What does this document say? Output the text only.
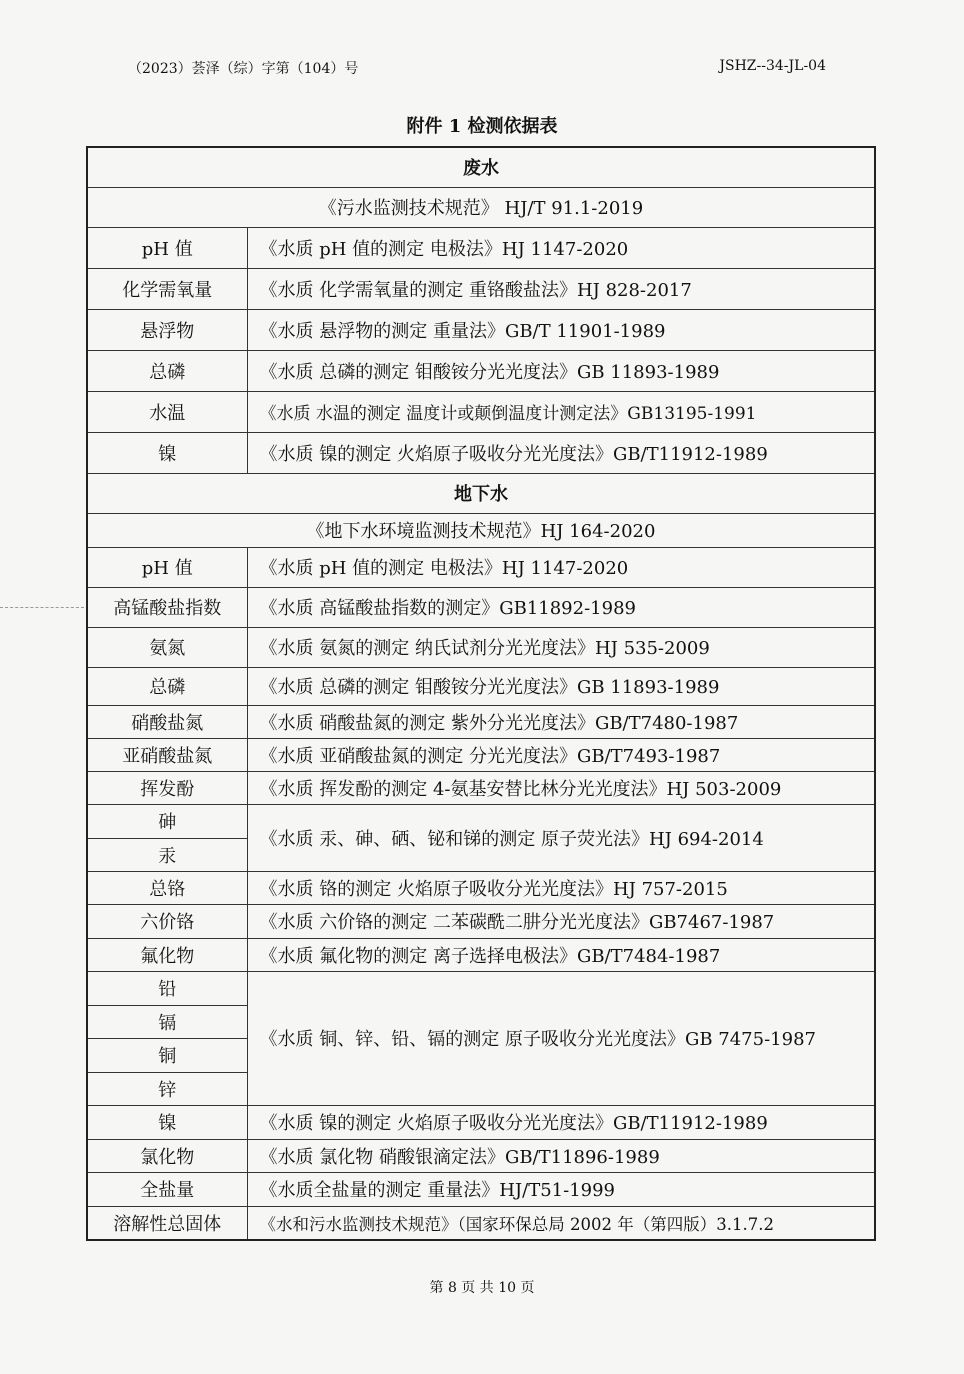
（2023）荟泽（综）字第（104）号	JSHZ--34-JL-04
附件 1 检测依据表
废水	
《污水监测技术规范》 HJ/T 91.1-2019	
pH 值	《水质 pH 值的测定 电极法》HJ 1147-2020
化学需氧量	《水质 化学需氧量的测定 重铬酸盐法》HJ 828-2017
悬浮物	《水质 悬浮物的测定 重量法》GB/T 11901-1989
总磷	《水质 总磷的测定 钼酸铵分光光度法》GB 11893-1989
水温	《水质 水温的测定 温度计或颠倒温度计测定法》GB13195-1991
镍	《水质 镍的测定 火焰原子吸收分光光度法》GB/T11912-1989
地下水	
《地下水环境监测技术规范》HJ 164-2020	
pH 值	《水质 pH 值的测定 电极法》HJ 1147-2020
高锰酸盐指数	《水质 高锰酸盐指数的测定》GB11892-1989
氨氮	《水质 氨氮的测定 纳氏试剂分光光度法》HJ 535-2009
总磷	《水质 总磷的测定 钼酸铵分光光度法》GB 11893-1989
硝酸盐氮	《水质 硝酸盐氮的测定 紫外分光光度法》GB/T7480-1987
亚硝酸盐氮	《水质 亚硝酸盐氮的测定 分光光度法》GB/T7493-1987
挥发酚	《水质 挥发酚的测定 4-氨基安替比林分光光度法》HJ 503-2009
砷	《水质 汞、砷、硒、铋和锑的测定 原子荧光法》HJ 694-2014
汞	
总铬	《水质 铬的测定 火焰原子吸收分光光度法》HJ 757-2015
六价铬	《水质 六价铬的测定 二苯碳酰二肼分光光度法》GB7467-1987
氟化物	《水质 氟化物的测定 离子选择电极法》GB/T7484-1987
铅	《水质 铜、锌、铅、镉的测定 原子吸收分光光度法》GB 7475-1987
镉	
铜	
锌	
镍	《水质 镍的测定 火焰原子吸收分光光度法》GB/T11912-1989
氯化物	《水质 氯化物 硝酸银滴定法》GB/T11896-1989
全盐量	《水质全盐量的测定 重量法》HJ/T51-1999
溶解性总固体	《水和污水监测技术规范》（国家环保总局 2002 年（第四版）3.1.7.2
第 8 页 共 10 页
